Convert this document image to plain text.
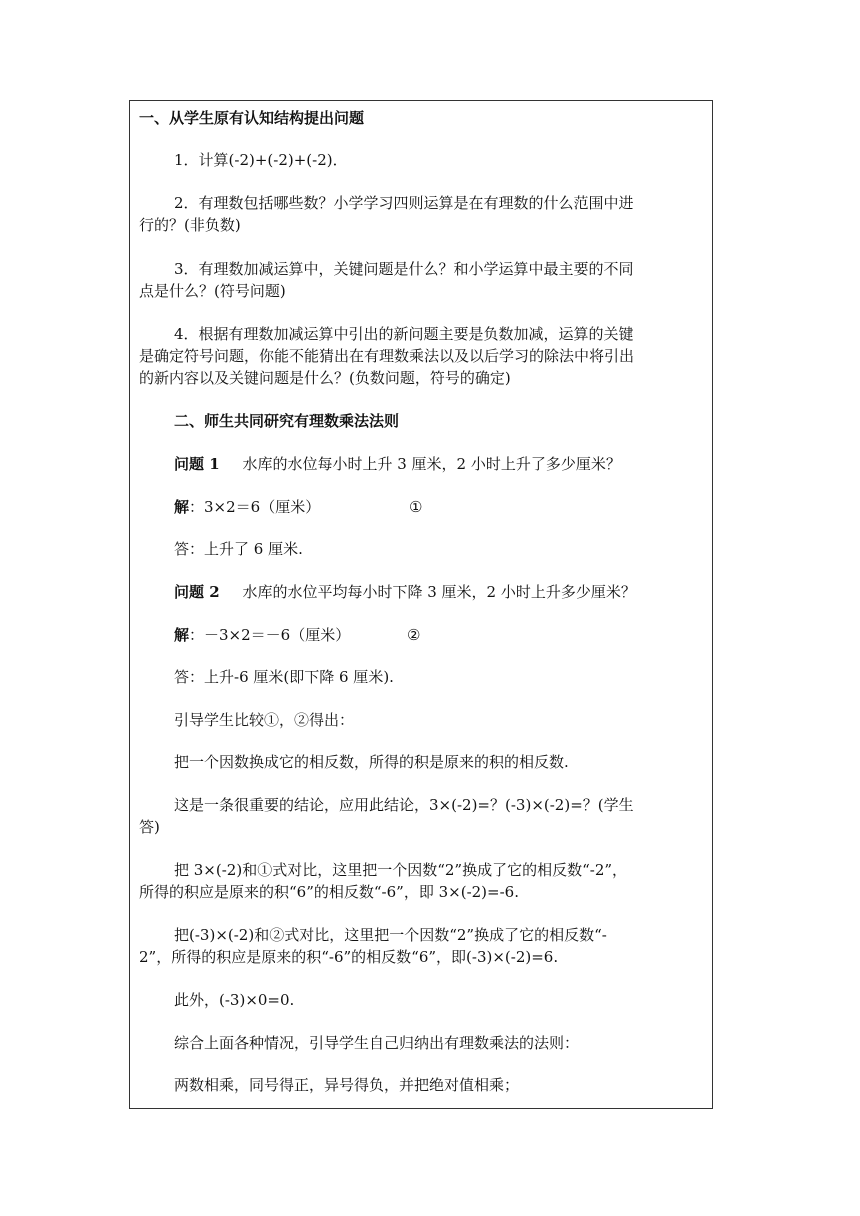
一、从学生原有认知结构提出问题
1．计算(-2)+(-2)+(-2)．
2．有理数包括哪些数？小学学习四则运算是在有理数的什么范围中进
行的？(非负数)
3．有理数加减运算中，关键问题是什么？和小学运算中最主要的不同
点是什么？(符号问题)
4．根据有理数加减运算中引出的新问题主要是负数加减，运算的关键
是确定符号问题，你能不能猜出在有理数乘法以及以后学习的除法中将引出
的新内容以及关键问题是什么？(负数问题，符号的确定)
二、师生共同研究有理数乘法法则
问题 1 水库的水位每小时上升 3 厘米，2 小时上升了多少厘米？
解：3×2＝6（厘米）	①
答：上升了 6 厘米.
问题 2 水库的水位平均每小时下降 3 厘米，2 小时上升多少厘米？
解：－3×2＝－6（厘米）	②
答：上升-6 厘米(即下降 6 厘米).
引导学生比较①，②得出：
把一个因数换成它的相反数，所得的积是原来的积的相反数.
这是一条很重要的结论，应用此结论，3×(-2)=？(-3)×(-2)=？(学生
答)
把 3×(-2)和①式对比，这里把一个因数“2”换成了它的相反数“-2”，
所得的积应是原来的积“6”的相反数“-6”，即 3×(-2)=-6.
把(-3)×(-2)和②式对比，这里把一个因数“2”换成了它的相反数“-
2”，所得的积应是原来的积“-6”的相反数“6”，即(-3)×(-2)=6.
此外，(-3)×0=0.
综合上面各种情况，引导学生自己归纳出有理数乘法的法则：
两数相乘，同号得正，异号得负，并把绝对值相乘；
